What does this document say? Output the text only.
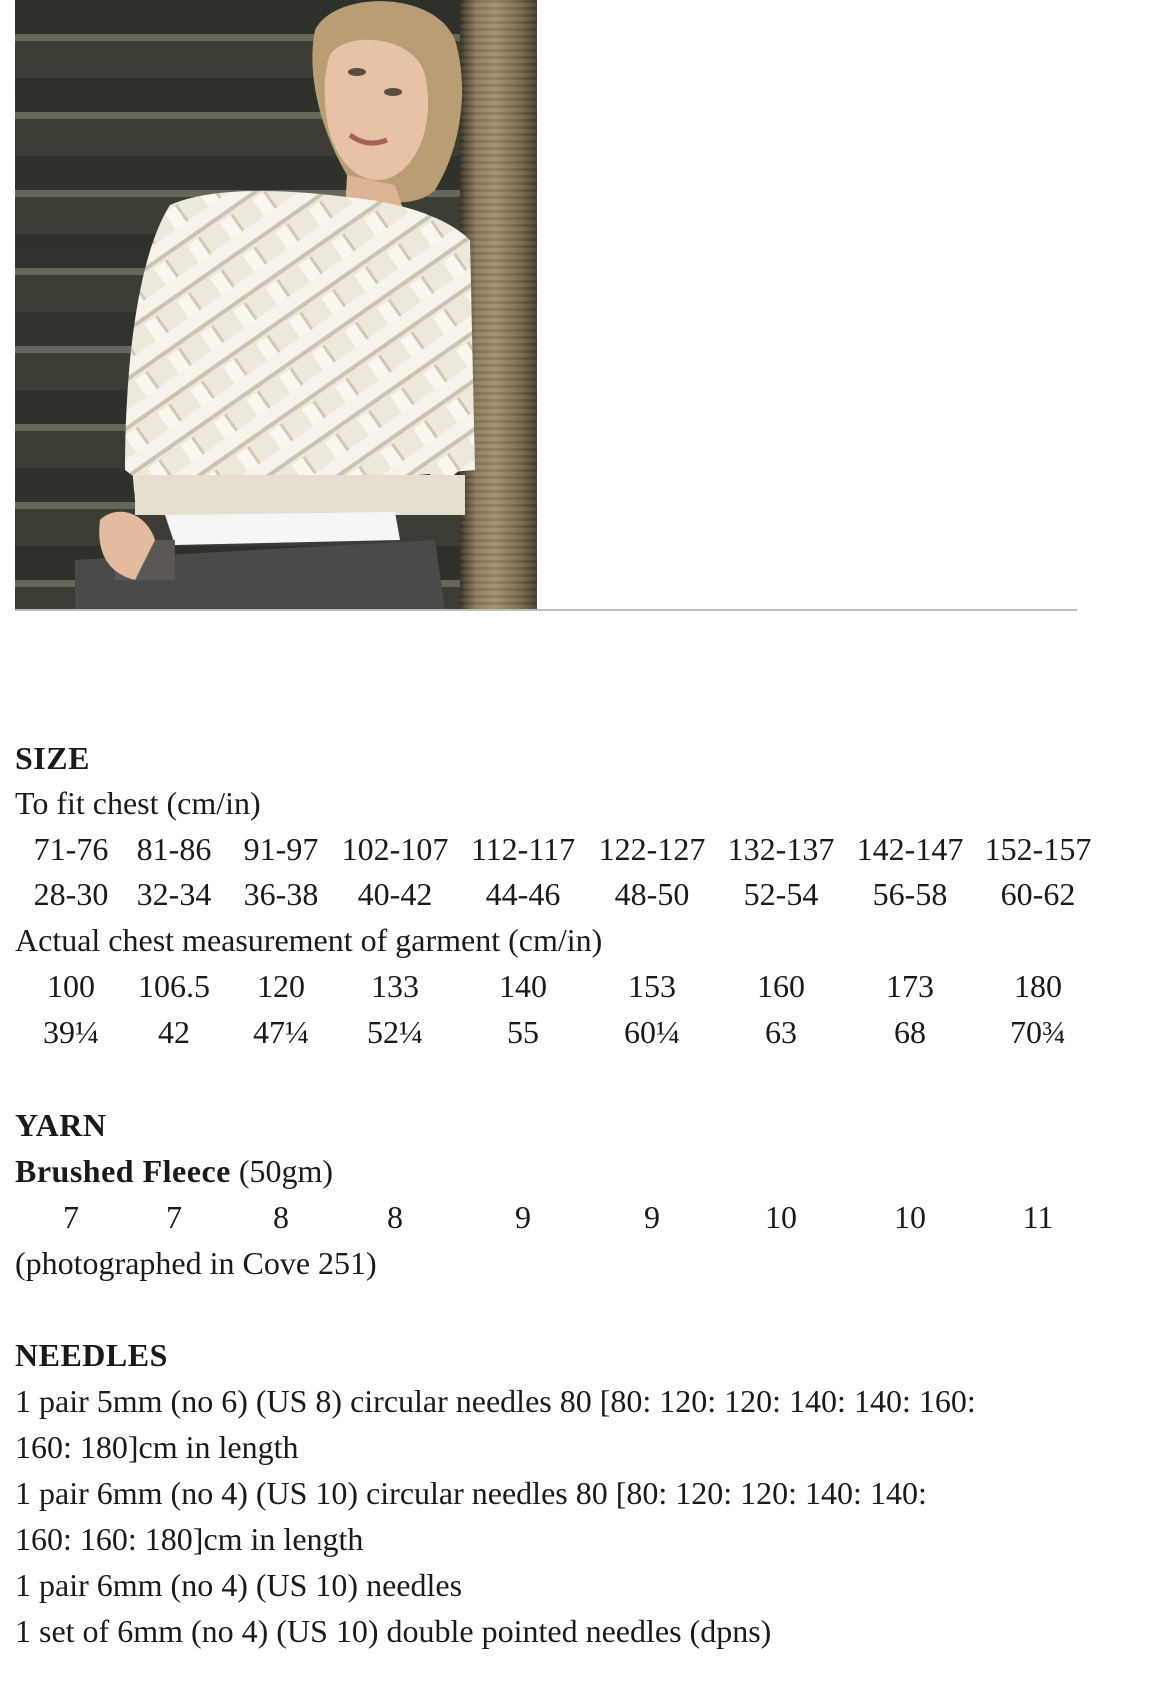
SIZE
To fit chest (cm/in)
71-76 81-86 91-97 102-107 112-117 122-127 132-137 142-147 152-157
28-30 32-34 36-38 40-42 44-46 48-50 52-54 56-58 60-62
Actual chest measurement of garment (cm/in)
100 106.5 120 133	140	153	160	173	180
39¼ 42 47¼ 52¼	55	60¼	63	68	70¾
YARN
Brushed Fleece (50gm)
7	7	8	8	9	9	10	10	11
(photographed in Cove 251)
NEEDLES
1 pair 5mm (no 6) (US 8) circular needles 80 [80: 120: 120: 140: 140: 160:
160: 180]cm in length
1 pair 6mm (no 4) (US 10) circular needles 80 [80: 120: 120: 140: 140:
160: 160: 180]cm in length
1 pair 6mm (no 4) (US 10) needles
1 set of 6mm (no 4) (US 10) double pointed needles (dpns)
